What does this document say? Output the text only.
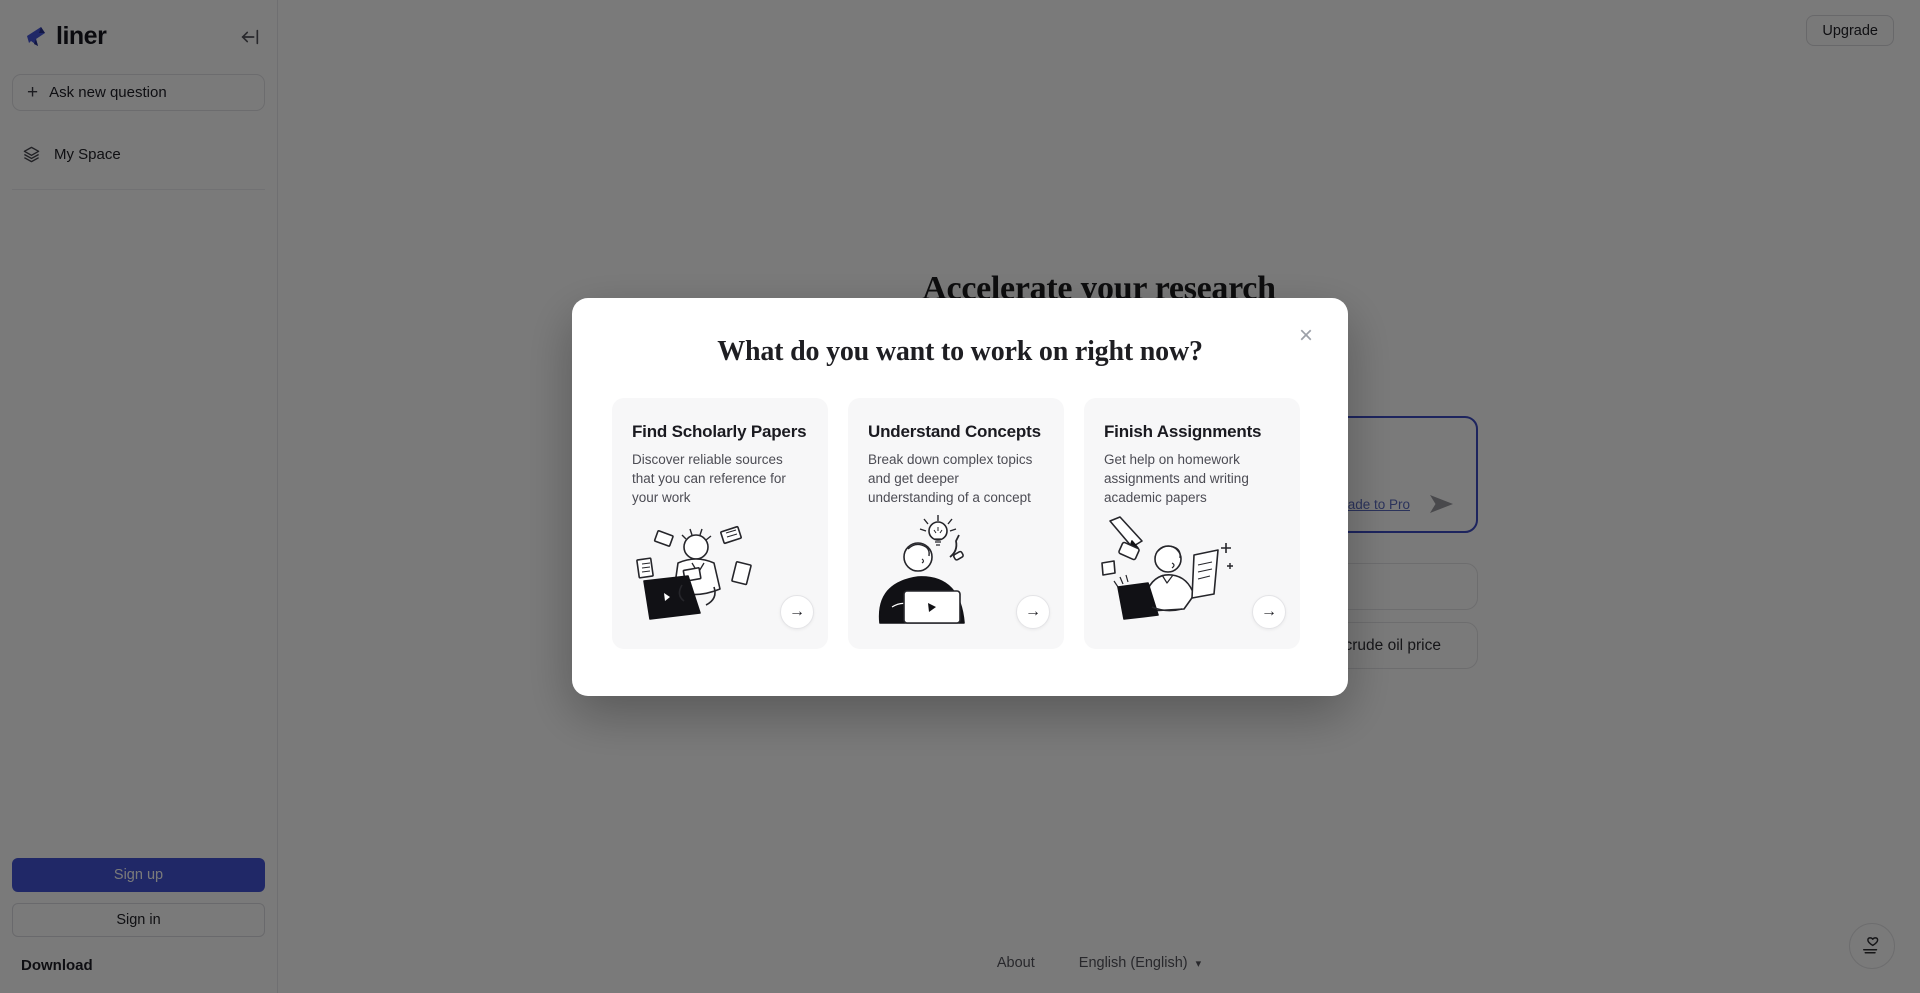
What do you want to work on right now?
×
Find Scholarly Papers
Discover reliable sources that you can reference for your work
→
Understand Concepts
Break down complex topics and get deeper understanding of a concept
→
Finish Assignments
Get help on homework assignments and writing academic papers
→
